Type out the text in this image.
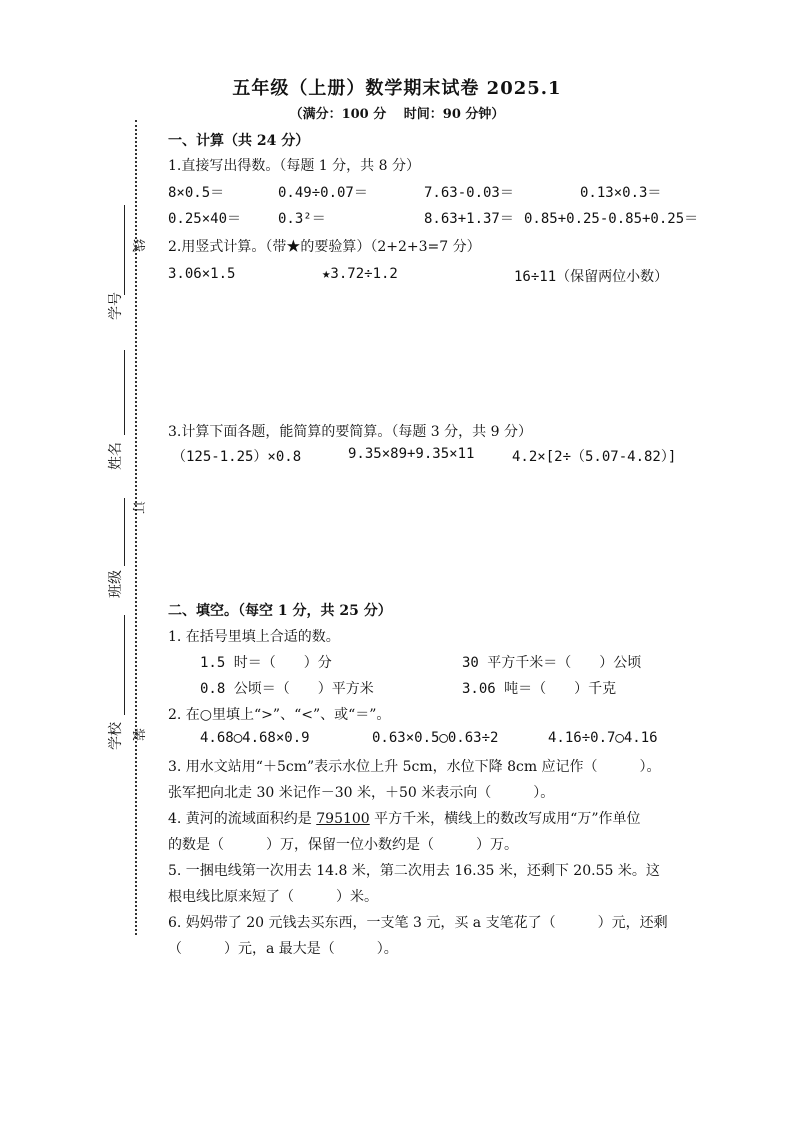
五年级（上册）数学期末试卷 2025.1
（满分：100 分　 时间：90 分钟）
学号
姓名
班级
学校
线
订
装
一、计算（共 24 分）
1.直接写出得数。（每题 1 分，共 8 分）
8×0.5＝	0.49÷0.07＝	7.63-0.03＝	0.13×0.3＝
0.25×40＝	0.3²＝	8.63+1.37＝ 0.85+0.25-0.85+0.25＝
2.用竖式计算。（带★的要验算）（2+2+3=7 分）
3.06×1.5	★3.72÷1.2	16÷11（保留两位小数）
3.计算下面各题，能简算的要简算。（每题 3 分，共 9 分）
（125-1.25）×0.8	9.35×89+9.35×11	4.2×[2÷（5.07-4.82）]
二、填空。（每空 1 分，共 25 分）
1. 在括号里填上合适的数。
1.5 时＝（　　）分	30 平方千米＝（　　）公顷
0.8 公顷＝（　　）平方米	3.06 吨＝（　　）千克
2. 在○里填上“>”、“<”、或“＝”。
4.68◯4.68×0.9	0.63×0.5◯0.63÷2	4.16÷0.7◯4.16
3. 用水文站用“＋5cm”表示水位上升 5cm，水位下降 8cm 应记作（　　　）。
张军把向北走 30 米记作－30 米，＋50 米表示向（　　　）。
4. 黄河的流域面积约是 795100 平方千米，横线上的数改写成用“万”作单位
的数是（　　　）万，保留一位小数约是（　　　）万。
5. 一捆电线第一次用去 14.8 米，第二次用去 16.35 米，还剩下 20.55 米。这
根电线比原来短了（　　　）米。
6. 妈妈带了 20 元钱去买东西，一支笔 3 元，买 a 支笔花了（　　　）元，还剩
（　　　）元，a 最大是（　　　）。
